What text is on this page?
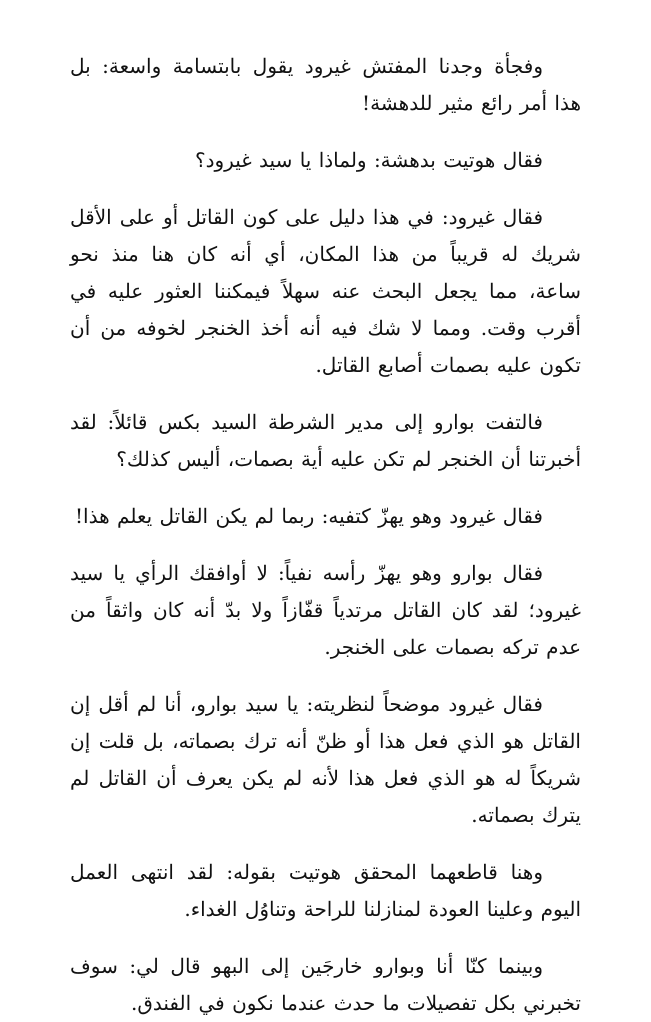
وفجأة وجدنا المفتش غيرود يقول بابتسامة واسعة: بل هذا أمر رائع مثير للدهشة!

فقال هوتيت بدهشة: ولماذا يا سيد غيرود؟

فقال غيرود: في هذا دليل على كون القاتل أو على الأقل شريك له قريباً من هذا المكان، أي أنه كان هنا منذ نحو ساعة، مما يجعل البحث عنه سهلاً فيمكننا العثور عليه في أقرب وقت. ومما لا شك فيه أنه أخذ الخنجر لخوفه من أن تكون عليه بصمات أصابع القاتل.

فالتفت بوارو إلى مدير الشرطة السيد بكس قائلاً: لقد أخبرتنا أن الخنجر لم تكن عليه أية بصمات، أليس كذلك؟

فقال غيرود وهو يهزّ كتفيه: ربما لم يكن القاتل يعلم هذا!

فقال بوارو وهو يهزّ رأسه نفياً: لا أوافقك الرأي يا سيد غيرود؛ لقد كان القاتل مرتدياً قفّازاً ولا بدّ أنه كان واثقاً من عدم تركه بصمات على الخنجر.

فقال غيرود موضحاً لنظريته: يا سيد بوارو، أنا لم أقل إن القاتل هو الذي فعل هذا أو ظنّ أنه ترك بصماته، بل قلت إن شريكاً له هو الذي فعل هذا لأنه لم يكن يعرف أن القاتل لم يترك بصماته.

وهنا قاطعهما المحقق هوتيت بقوله: لقد انتهى العمل اليوم وعلينا العودة لمنازلنا للراحة وتناوُل الغداء.

وبينما كنّا أنا وبوارو خارجَين إلى البهو قال لي: سوف تخبرني بكل تفصيلات ما حدث عندما نكون في الفندق.
